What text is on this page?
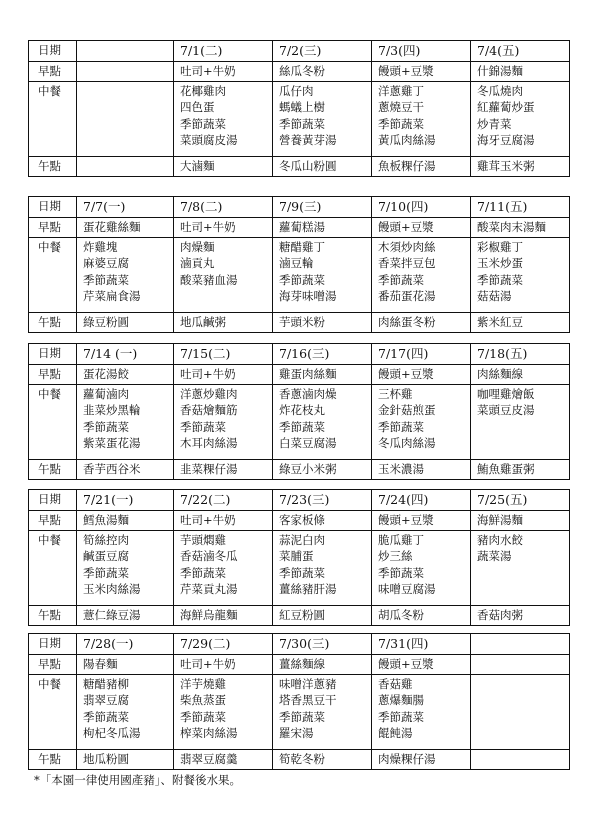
日期		7/1(二)	7/2(三)	7/3(四)	7/4(五)
早點		吐司+牛奶	絲瓜冬粉	饅頭+豆漿	什錦湯麵
中餐		花椰雞肉
四色蛋
季節蔬菜
菜頭腐皮湯	瓜仔肉
螞蟻上樹
季節蔬菜
營養黃芽湯	洋蔥雞丁
蔥燒豆干
季節蔬菜
黃瓜肉絲湯	冬瓜燒肉
紅蘿蔔炒蛋
炒青菜
海牙豆腐湯

午點		大滷麵	冬瓜山粉圓	魚板粿仔湯	雞茸玉米粥
日期	7/7(一)	7/8(二)	7/9(三)	7/10(四)	7/11(五)
早點	蛋花雞絲麵	吐司+牛奶	蘿蔔糕湯	饅頭+豆漿	酸菜肉末湯麵
中餐	炸雞塊
麻婆豆腐
季節蔬菜
芹菜扁食湯	肉燥麵
滷貢丸
酸菜豬血湯	糖醋雞丁
滷豆輪
季節蔬菜
海芽味噌湯	木須炒肉絲
香菜拌豆包
季節蔬菜
番茄蛋花湯	彩椒雞丁
玉米炒蛋
季節蔬菜
菇菇湯

午點	綠豆粉圓	地瓜鹹粥	芋頭米粉	肉絲蛋冬粉	紫米紅豆
日期	7/14 (一)	7/15(二)	7/16(三)	7/17(四)	7/18(五)
早點	蛋花湯餃	吐司+牛奶	雞蛋肉絲麵	饅頭+豆漿	肉絲麵線
中餐	蘿蔔滷肉
韭菜炒黑輪
季節蔬菜
紫菜蛋花湯	洋蔥炒雞肉
香菇燴麵筋
季節蔬菜
木耳肉絲湯	香蔥滷肉燥
炸花枝丸
季節蔬菜
白菜豆腐湯	三杯雞
金針菇煎蛋
季節蔬菜
冬瓜肉絲湯	咖哩雞燴飯
菜頭豆皮湯

午點	香芋西谷米	韭菜粿仔湯	綠豆小米粥	玉米濃湯	鮪魚雞蛋粥
日期	7/21(一)	7/22(二)	7/23(三)	7/24(四)	7/25(五)
早點	鱈魚湯麵	吐司+牛奶	客家板條	饅頭+豆漿	海鮮湯麵
中餐	筍絲控肉
鹹蛋豆腐
季節蔬菜
玉米肉絲湯	芋頭燜雞
香菇滷冬瓜
季節蔬菜
芹菜貢丸湯	蒜泥白肉
菜脯蛋
季節蔬菜
薑絲豬肝湯	脆瓜雞丁
炒三絲
季節蔬菜
味噌豆腐湯	豬肉水餃
蔬菜湯

午點	薏仁綠豆湯	海鮮烏龍麵	紅豆粉圓	胡瓜冬粉	香菇肉粥
日期	7/28(一)	7/29(二)	7/30(三)	7/31(四)	
早點	陽春麵	吐司+牛奶	薑絲麵線	饅頭+豆漿	
中餐	糖醋豬柳
翡翠豆腐
季節蔬菜
枸杞冬瓜湯	洋芋燒雞
柴魚蒸蛋
季節蔬菜
榨菜肉絲湯	味噌洋蔥豬
塔香黑豆干
季節蔬菜
羅宋湯	香菇雞
蔥爆麵腸
季節蔬菜
餛飩湯	

午點	地瓜粉圓	翡翠豆腐羹	筍乾冬粉	肉燥粿仔湯	
*「本園一律使用國產豬」、附餐後水果。
